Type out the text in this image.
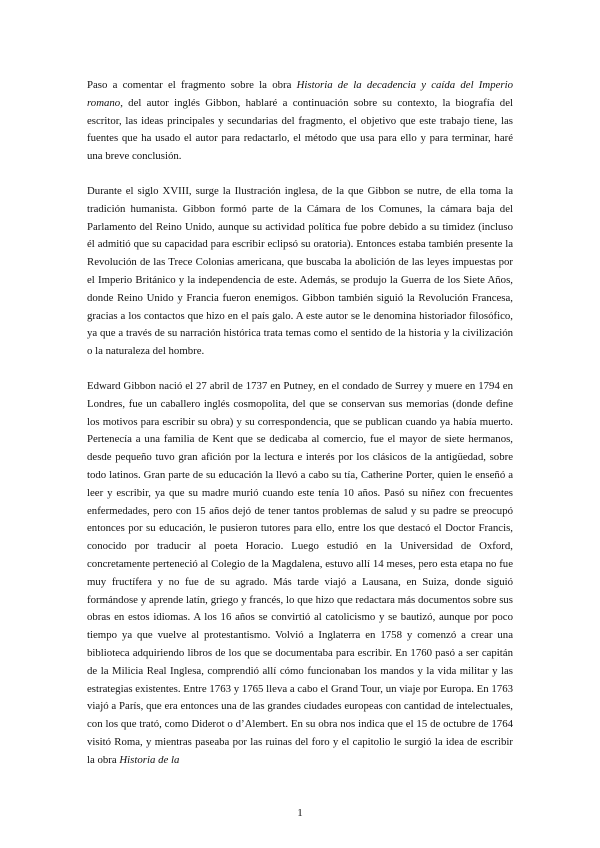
Paso a comentar el fragmento sobre la obra Historia de la decadencia y caída del Imperio romano, del autor inglés Gibbon, hablaré a continuación sobre su contexto, la biografía del escritor, las ideas principales y secundarias del fragmento, el objetivo que este trabajo tiene, las fuentes que ha usado el autor para redactarlo, el método que usa para ello y para terminar, haré una breve conclusión.

Durante el siglo XVIII, surge la Ilustración inglesa, de la que Gibbon se nutre, de ella toma la tradición humanista. Gibbon formó parte de la Cámara de los Comunes, la cámara baja del Parlamento del Reino Unido, aunque su actividad política fue pobre debido a su timidez (incluso él admitió que su capacidad para escribir eclipsó su oratoria). Entonces estaba también presente la Revolución de las Trece Colonias americana, que buscaba la abolición de las leyes impuestas por el Imperio Británico y la independencia de este. Además, se produjo la Guerra de los Siete Años, donde Reino Unido y Francia fueron enemigos. Gibbon también siguió la Revolución Francesa, gracias a los contactos que hizo en el país galo. A este autor se le denomina historiador filosófico, ya que a través de su narración histórica trata temas como el sentido de la historia y la civilización o la naturaleza del hombre.

Edward Gibbon nació el 27 abril de 1737 en Putney, en el condado de Surrey y muere en 1794 en Londres, fue un caballero inglés cosmopolita, del que se conservan sus memorias (donde define los motivos para escribir su obra) y su correspondencia, que se publican cuando ya había muerto. Pertenecía a una familia de Kent que se dedicaba al comercio, fue el mayor de siete hermanos, desde pequeño tuvo gran afición por la lectura e interés por los clásicos de la antigüedad, sobre todo latinos. Gran parte de su educación la llevó a cabo su tía, Catherine Porter, quien le enseñó a leer y escribir, ya que su madre murió cuando este tenía 10 años. Pasó su niñez con frecuentes enfermedades, pero con 15 años dejó de tener tantos problemas de salud y su padre se preocupó entonces por su educación, le pusieron tutores para ello, entre los que destacó el Doctor Francis, conocido por traducir al poeta Horacio. Luego estudió en la Universidad de Oxford, concretamente perteneció al Colegio de la Magdalena, estuvo allí 14 meses, pero esta etapa no fue muy fructífera y no fue de su agrado. Más tarde viajó a Lausana, en Suiza, donde siguió formándose y aprende latín, griego y francés, lo que hizo que redactara más documentos sobre sus obras en estos idiomas. A los 16 años se convirtió al catolicismo y se bautizó, aunque por poco tiempo ya que vuelve al protestantismo. Volvió a Inglaterra en 1758 y comenzó a crear una biblioteca adquiriendo libros de los que se documentaba para escribir. En 1760 pasó a ser capitán de la Milicia Real Inglesa, comprendió allí cómo funcionaban los mandos y la vida militar y las estrategias existentes. Entre 1763 y 1765 lleva a cabo el Grand Tour, un viaje por Europa. En 1763 viajó a París, que era entonces una de las grandes ciudades europeas con cantidad de intelectuales, con los que trató, como Diderot o d’Alembert. En su obra nos indica que el 15 de octubre de 1764 visitó Roma, y mientras paseaba por las ruinas del foro y el capitolio le surgió la idea de escribir la obra Historia de la

1
